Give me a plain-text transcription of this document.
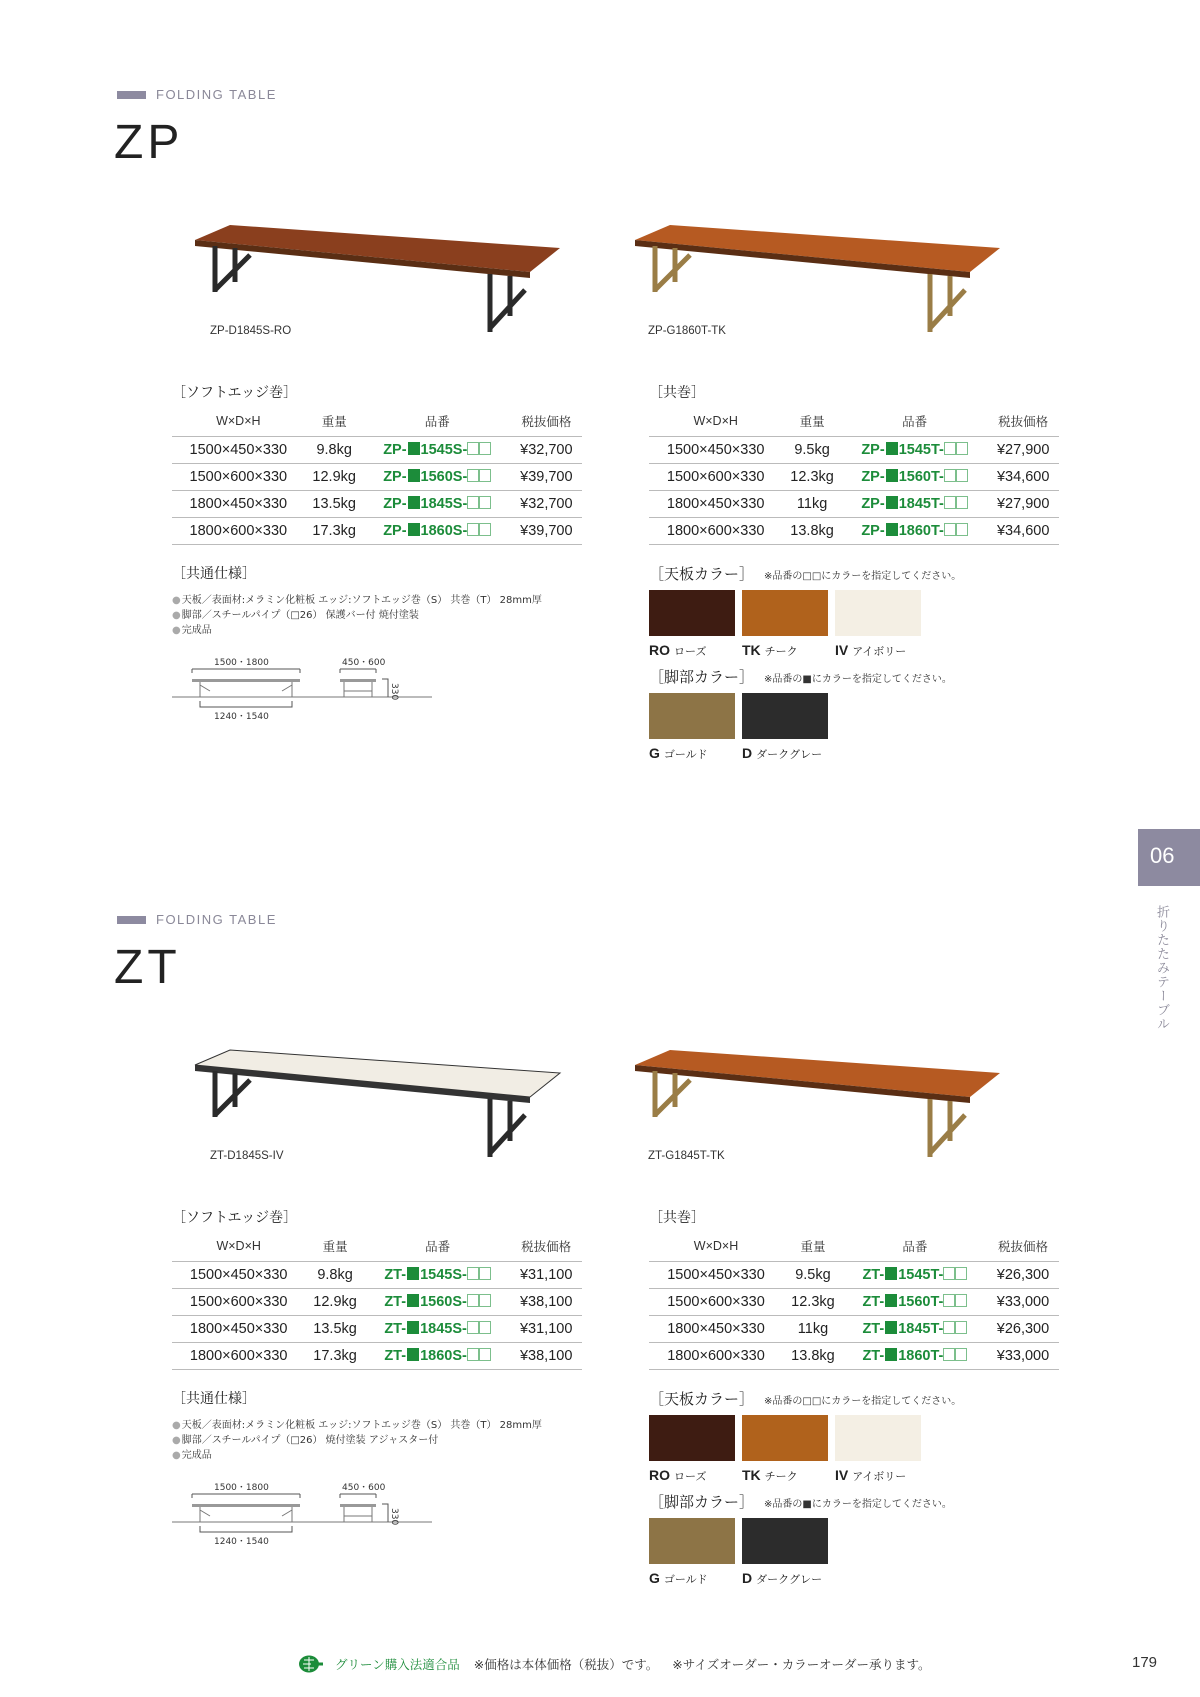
FOLDING TABLE
ZP
ZP-D1845S-RO	ZP-G1860T-TK
［ソフトエッジ巻］
W×D×H	重量	品番	税抜価格
1500×450×330	9.8kg	ZP- 1545S-	¥32,700
1500×600×330	12.9kg	ZP- 1560S-	¥39,700
1800×450×330	13.5kg	ZP- 1845S-	¥32,700
1800×600×330	17.3kg	ZP- 1860S-	¥39,700
［共巻］
W×D×H	重量	品番	税抜価格
1500×450×330	9.5kg	ZP- 1545T-	¥27,900
1500×600×330	12.3kg	ZP- 1560T-	¥34,600
1800×450×330	11kg	ZP- 1845T-	¥27,900
1800×600×330	13.8kg	ZP- 1860T-	¥34,600
［共通仕様］
● 天板／表面材:メラミン化粧板 エッジ:ソフトエッジ巻（S） 共巻（T） 28mm厚
● 脚部／スチールパイプ（□26） 保護バー付 焼付塗装
● 完成品
1500・1800
1240・1540
450・600
330
［天板カラー］ ※品番の□□にカラーを指定してください。
RO ローズ	TK チーク	IV アイボリー
［脚部カラー］ ※品番の■にカラーを指定してください。
G ゴールド	D ダークグレー
FOLDING TABLE
ZT
ZT-D1845S-IV	ZT-G1845T-TK
［ソフトエッジ巻］
W×D×H	重量	品番	税抜価格
1500×450×330	9.8kg	ZT- 1545S-	¥31,100
1500×600×330	12.9kg	ZT- 1560S-	¥38,100
1800×450×330	13.5kg	ZT- 1845S-	¥31,100
1800×600×330	17.3kg	ZT- 1860S-	¥38,100
［共巻］
W×D×H	重量	品番	税抜価格
1500×450×330	9.5kg	ZT- 1545T-	¥26,300
1500×600×330	12.3kg	ZT- 1560T-	¥33,000
1800×450×330	11kg	ZT- 1845T-	¥26,300
1800×600×330	13.8kg	ZT- 1860T-	¥33,000
［共通仕様］
● 天板／表面材:メラミン化粧板 エッジ:ソフトエッジ巻（S） 共巻（T） 28mm厚
● 脚部／スチールパイプ（□26） 焼付塗装 アジャスター付
● 完成品
1500・1800
1240・1540
450・600
330
［天板カラー］ ※品番の□□にカラーを指定してください。
RO ローズ	TK チーク	IV アイボリー
［脚部カラー］ ※品番の■にカラーを指定してください。
G ゴールド	D ダークグレー
06
折りたたみテーブル
グリーン購入法適合品 ※価格は本体価格（税抜）です。 ※サイズオーダー・カラーオーダー承ります。	179
